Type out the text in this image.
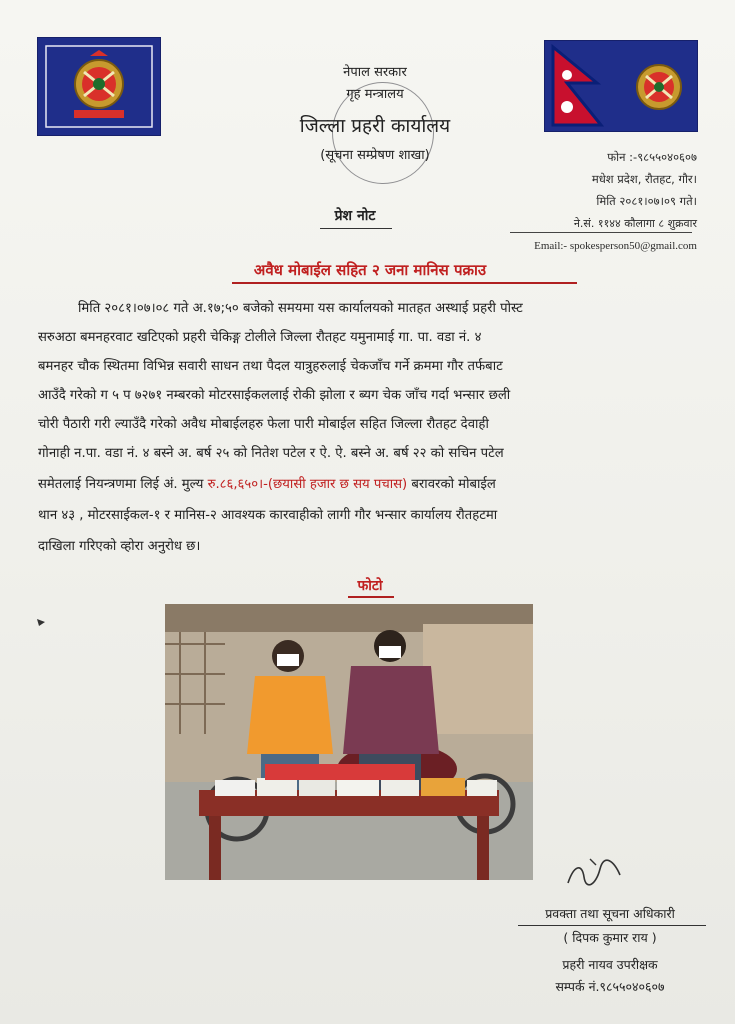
नेपाल सरकार
गृह मन्त्रालय
जिल्ला प्रहरी कार्यालय
(सूचना सम्प्रेषण शाखा)	फोन :-९८५५०४०६०७
मधेश प्रदेश, रौतहट, गौर।
मिति २०८१।०७।०९ गते।
ने.सं. ११४४ कौलागा ८ शुक्रवार
Email:- spokesperson50@gmail.com
प्रेश नोट
अवैध मोबाईल सहित २ जना मानिस पक्राउ
मिति २०८१।०७।०८ गते अ.१७;५० बजेको समयमा यस कार्यालयको मातहत अस्थाई प्रहरी पोस्ट
सरुअठा बमनहरवाट खटिएको प्रहरी चेकिङ्ग टोलीले जिल्ला रौतहट यमुनामाई गा. पा. वडा नं. ४
बमनहर चौक स्थितमा विभिन्न सवारी साधन तथा पैदल यात्रुहरुलाई चेकजाँच गर्ने क्रममा गौर तर्फबाट
आउँदै गरेको ग ५ प ७२७१ नम्बरको मोटरसाईकललाई रोकी झोला र ब्यग चेक जाँच गर्दा भन्सार छली
चोरी पैठारी गरी ल्याउँदै गरेको अवैध मोबाईलहरु फेला पारी मोबाईल सहित जिल्ला रौतहट देवाही
गोनाही न.पा. वडा नं. ४ बस्ने अ. बर्ष २५ को नितेश पटेल र ऐ. ऐ. बस्ने अ. बर्ष २२ को सचिन पटेल
समेतलाई नियन्त्रणमा लिई अं. मुल्य रु.८६,६५०।-(छयासी हजार छ सय पचास) बरावरको मोबाईल
थान ४३ , मोटरसाईकल-१ र मानिस-२ आवश्यक कारवाहीको लागी गौर भन्सार कार्यालय रौतहटमा
दाखिला गरिएको व्होरा अनुरोध छ।
फोटो
प्रवक्ता तथा सूचना अधिकारी
( दिपक कुमार राय )
प्रहरी नायव उपरीक्षक
सम्पर्क नं.९८५५०४०६०७
